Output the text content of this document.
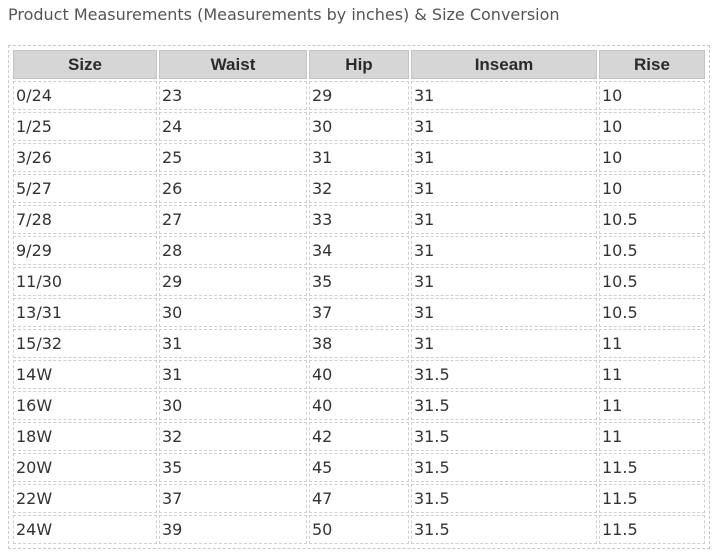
Product Measurements (Measurements by inches) & Size Conversion
Size	Waist	Hip	Inseam	Rise
0/24	23	29	31	10
1/25	24	30	31	10
3/26	25	31	31	10
5/27	26	32	31	10
7/28	27	33	31	10.5
9/29	28	34	31	10.5
11/30	29	35	31	10.5
13/31	30	37	31	10.5
15/32	31	38	31	11
14W	31	40	31.5	11
16W	30	40	31.5	11
18W	32	42	31.5	11
20W	35	45	31.5	11.5
22W	37	47	31.5	11.5
24W	39	50	31.5	11.5
